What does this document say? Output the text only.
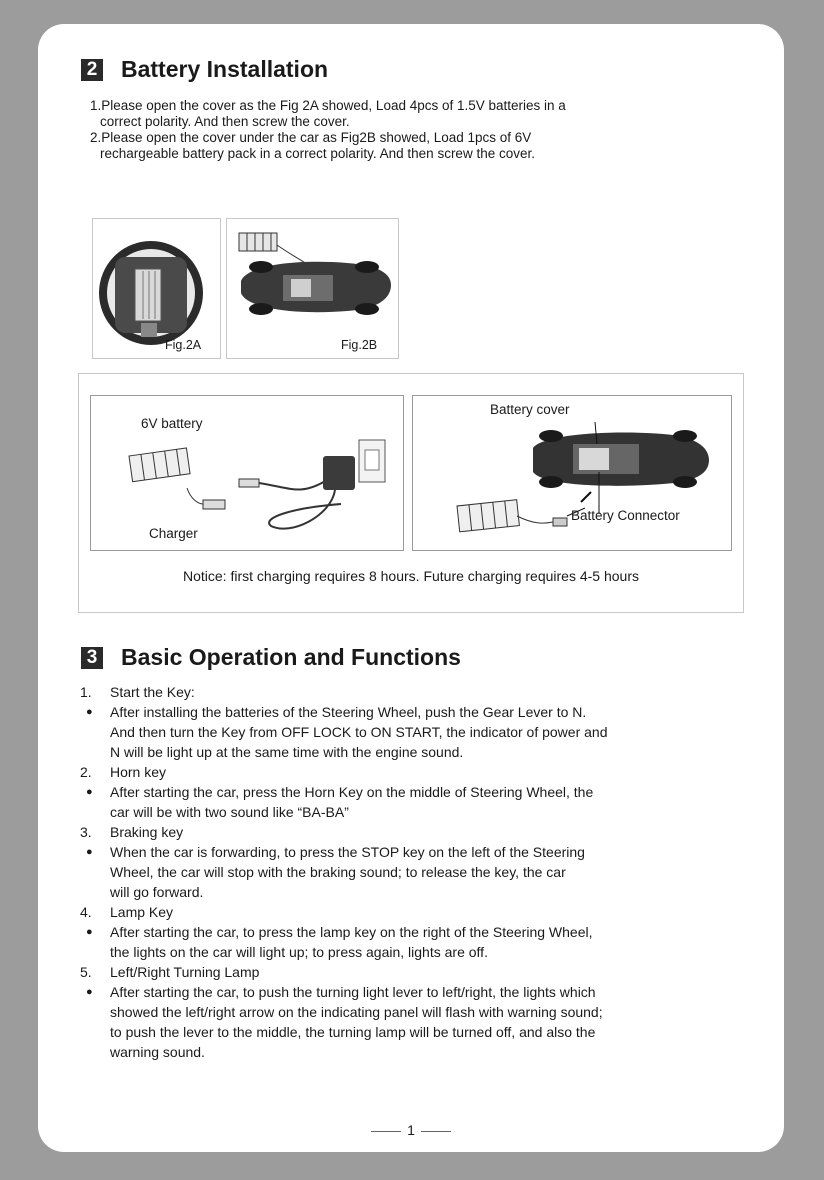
2 Battery Installation
1.Please open the cover as the Fig 2A showed, Load 4pcs of 1.5V batteries in a
correct polarity. And then screw the cover.
2.Please open the cover under the car as Fig2B showed, Load 1pcs of 6V
rechargeable battery pack in a correct polarity. And then screw the cover.
Fig.2A	Fig.2B
6V battery
Charger
Battery cover
Battery Connector
Notice: first charging requires 8 hours. Future charging requires 4-5 hours
3 Basic Operation and Functions
1.	Start the Key:
●	After installing the batteries of the Steering Wheel, push the Gear Lever to N.
And then turn the Key from OFF LOCK to ON START, the indicator of power and
N will be light up at the same time with the engine sound.
2.	Horn key
●	After starting the car, press the Horn Key on the middle of Steering Wheel, the
car will be with two sound like “BA-BA”
3.	Braking key
●	When the car is forwarding, to press the STOP key on the left of the Steering
Wheel, the car will stop with the braking sound; to release the key, the car
will go forward.
4.	Lamp Key
●	After starting the car, to press the lamp key on the right of the Steering Wheel,
the lights on the car will light up; to press again, lights are off.
5.	Left/Right Turning Lamp
●	After starting the car, to push the turning light lever to left/right, the lights which
showed the left/right arrow on the indicating panel will flash with warning sound;
to push the lever to the middle, the turning lamp will be turned off, and also the
warning sound.
1
